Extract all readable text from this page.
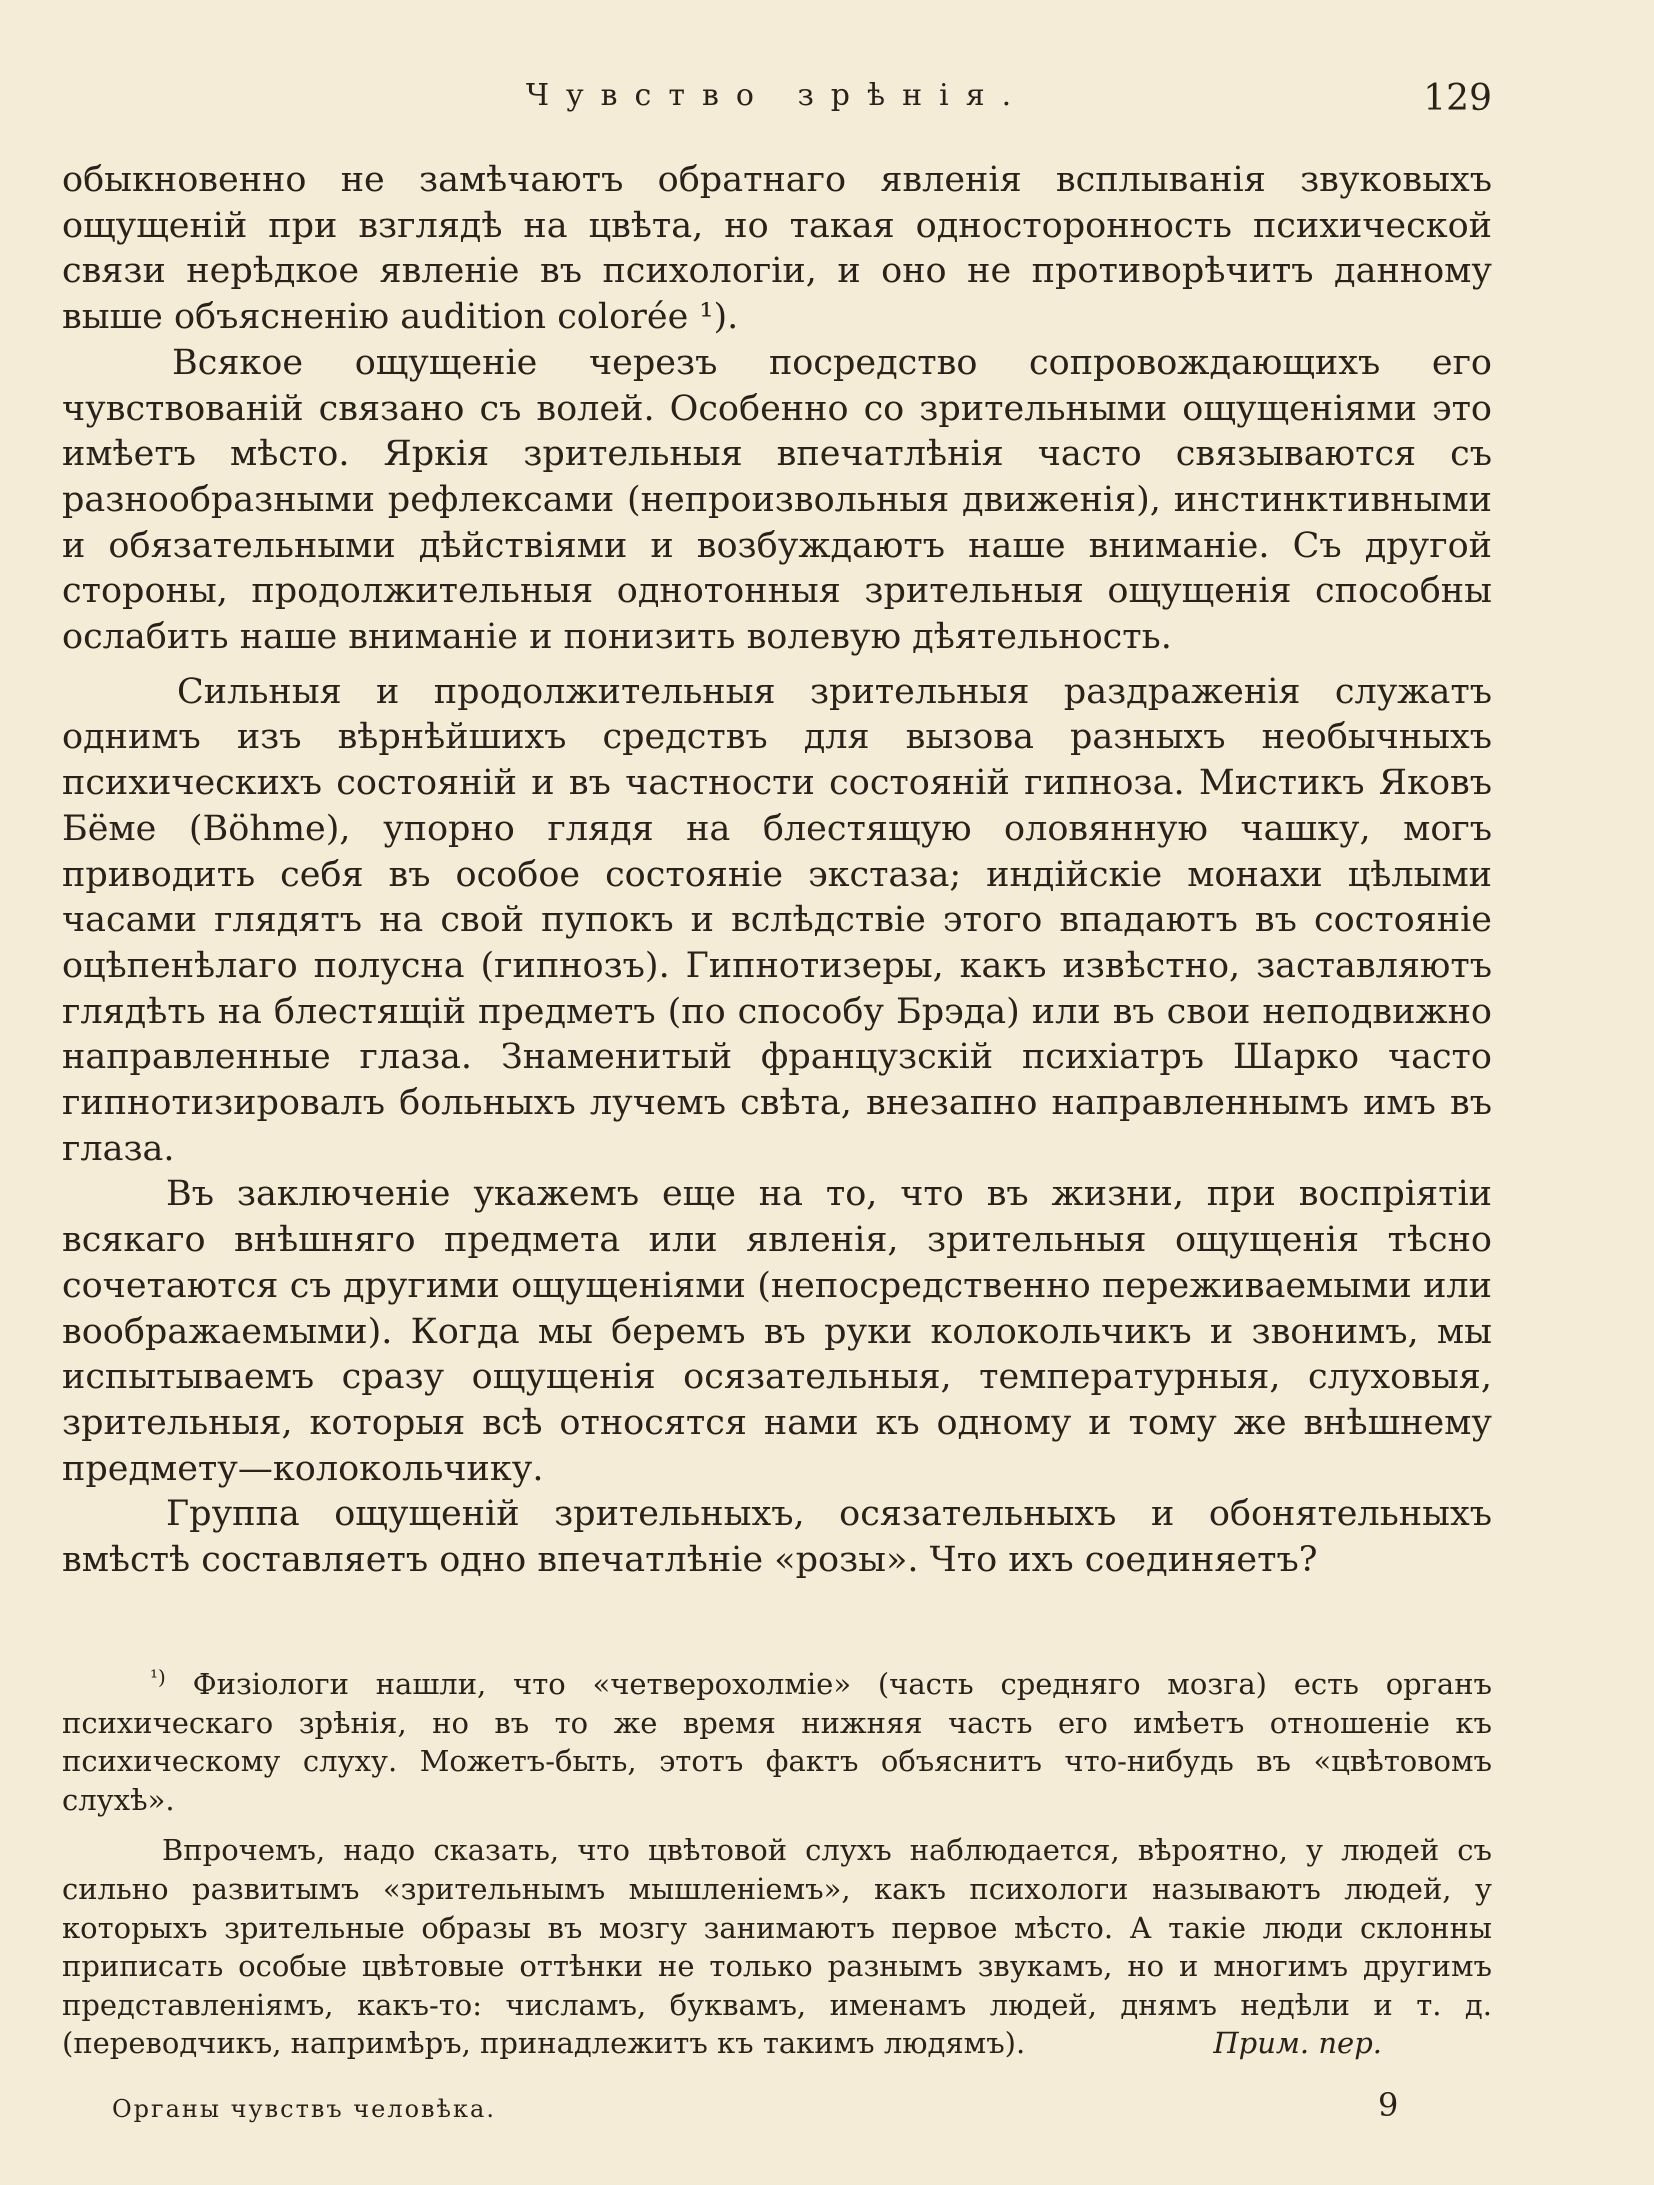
Чувство зрѣнія.	129

обыкновенно не замѣчаютъ обратнаго явленія всплыванія звуковыхъ ощущеній при взглядѣ на цвѣта, но такая односторонность психической связи нерѣдкое явленіе въ психологіи, и оно не противорѣчитъ данному выше объясненію audition colorée ¹).

Всякое ощущеніе черезъ посредство сопровождающихъ его чувствованій связано съ волей. Особенно со зрительными ощущеніями это имѣетъ мѣсто. Яркія зрительныя впечатлѣнія часто связываются съ разнообразными рефлексами (непроизвольныя движенія), инстинктивными и обязательными дѣйствіями и возбуждаютъ наше вниманіе. Съ другой стороны, продолжительныя однотонныя зрительныя ощущенія способны ослабить наше вниманіе и понизить волевую дѣятельность.

Сильныя и продолжительныя зрительныя раздраженія служатъ однимъ изъ вѣрнѣйшихъ средствъ для вызова разныхъ необычныхъ психическихъ состояній и въ частности состояній гипноза. Мистикъ Яковъ Бёме (Böhme), упорно глядя на блестящую оловянную чашку, могъ приводить себя въ особое состояніе экстаза; индійскіе монахи цѣлыми часами глядятъ на свой пупокъ и вслѣдствіе этого впадаютъ въ состояніе оцѣпенѣлаго полусна (гипнозъ). Гипнотизеры, какъ извѣстно, заставляютъ глядѣть на блестящій предметъ (по способу Брэда) или въ свои неподвижно направленные глаза. Знаменитый французскій психіатръ Шарко часто гипнотизировалъ больныхъ лучемъ свѣта, внезапно направленнымъ имъ въ глаза.

Въ заключеніе укажемъ еще на то, что въ жизни, при воспріятіи всякаго внѣшняго предмета или явленія, зрительныя ощущенія тѣсно сочетаются съ другими ощущеніями (непосредственно переживаемыми или воображаемыми). Когда мы беремъ въ руки колокольчикъ и звонимъ, мы испытываемъ сразу ощущенія осязательныя, температурныя, слуховыя, зрительныя, которыя всѣ относятся нами къ одному и тому же внѣшнему предмету—колокольчику.

Группа ощущеній зрительныхъ, осязательныхъ и обонятельныхъ вмѣстѣ составляетъ одно впечатлѣніе «розы». Что ихъ соединяетъ?

$^{^1)}$ Физіологи нашли, что «четверохолміе» (часть средняго мозга) есть органъ психическаго зрѣнія, но въ то же время нижняя часть его имѣетъ отношеніе къ психическому слуху. Можетъ-быть, этотъ фактъ объяснитъ что-нибудь въ «цвѣтовомъ слухѣ».

Впрочемъ, надо сказать, что цвѣтовой слухъ наблюдается, вѣроятно, у людей съ сильно развитымъ «зрительнымъ мышленіемъ», какъ психологи называютъ людей, у которыхъ зрительные образы въ мозгу занимаютъ первое мѣсто. А такіе люди склонны приписать особые цвѣтовые оттѣнки не только разнымъ звукамъ, но и многимъ другимъ представленіямъ, какъ-то: числамъ, буквамъ, именамъ людей, днямъ недѣли и т. д. (переводчикъ, напримѣръ, принадлежитъ къ такимъ людямъ).	Прим. пер.

Органы чувствъ человѣка.	9
